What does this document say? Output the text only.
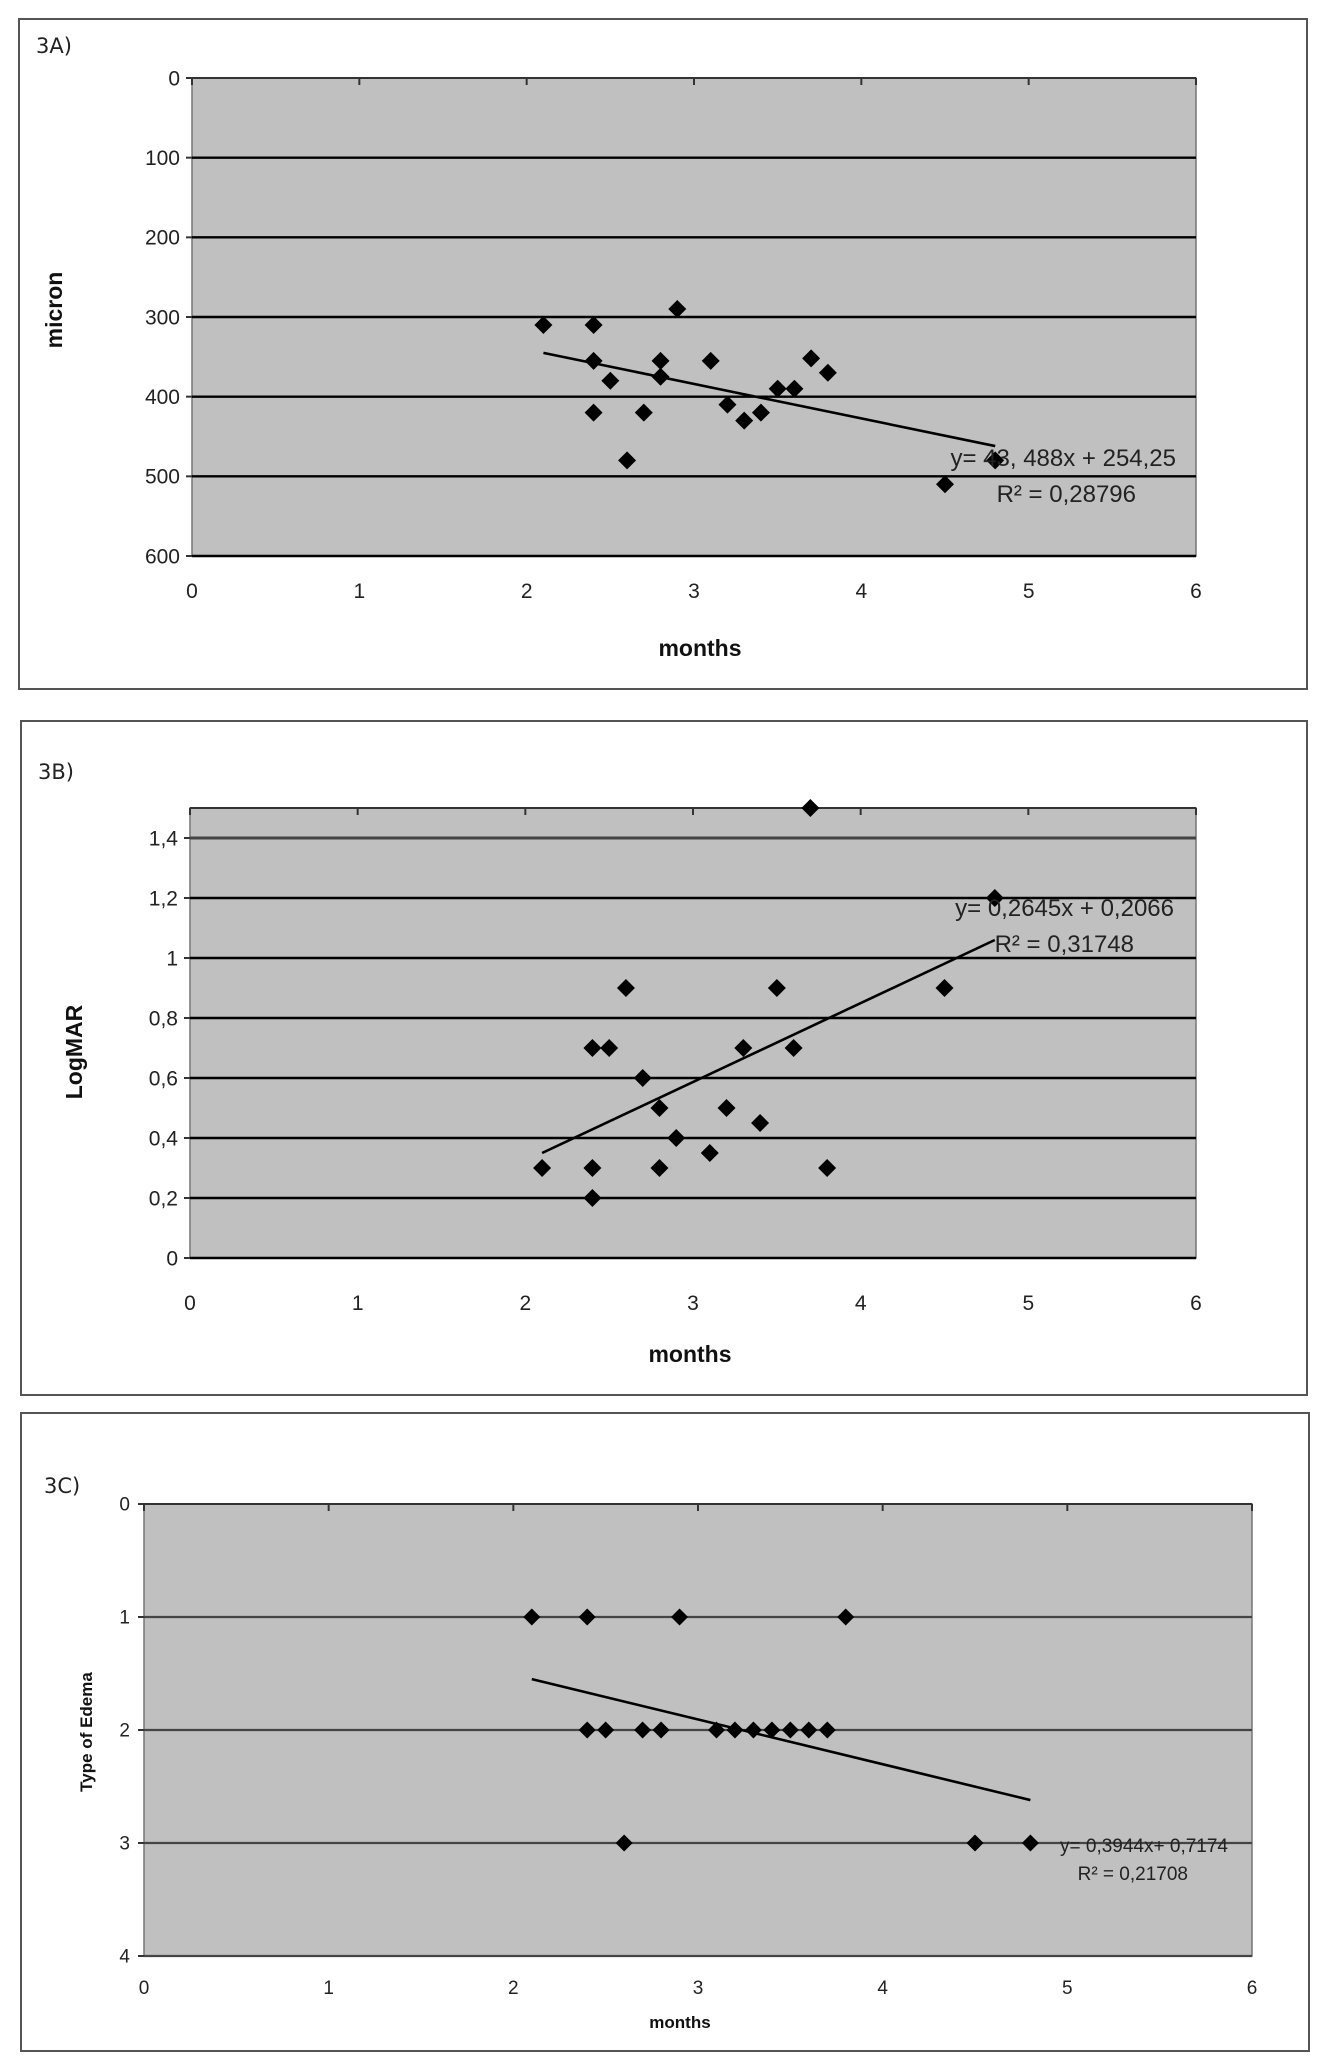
3A)
0	1	2	3	4	5	6
0
100
200
300
400
500
600
y= 43, 488x + 254,25
R² = 0,28796
months
micron
3B)
0	1	2	3	4	5	6
0
0,2
0,4
0,6
0,8
1
1,2
1,4
y= 0,2645x + 0,2066
R² = 0,31748
months
LogMAR
3C)
0	1	2	3	4	5	6
0
1
2
3
4
y= 0,3944x+ 0,7174
R² = 0,21708
months
Type of Edema
